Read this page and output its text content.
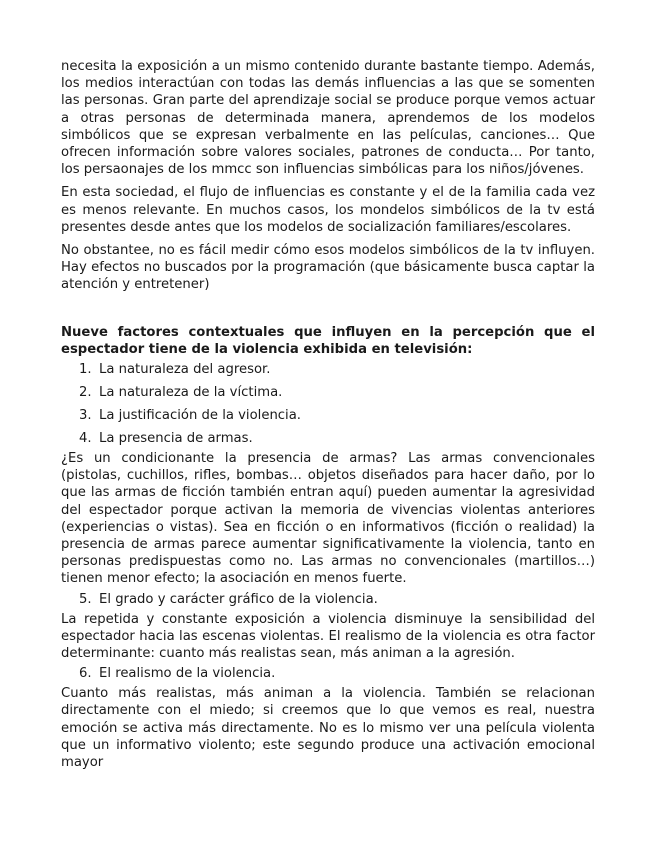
necesita la exposición a un mismo contenido durante bastante tiempo. Además, los medios interactúan con todas las demás influencias a las que se somenten las personas. Gran parte del aprendizaje social se produce porque vemos actuar a otras personas de determinada manera, aprendemos de los modelos simbólicos que se expresan verbalmente en las películas, canciones… Que ofrecen información sobre valores sociales, patrones de conducta… Por tanto, los persaonajes de los mmcc son influencias simbólicas para los niños/jóvenes.

En esta sociedad, el flujo de influencias es constante y el de la familia cada vez es menos relevante. En muchos casos, los mondelos simbólicos de la tv está presentes desde antes que los modelos de socialización familiares/escolares.

No obstantee, no es fácil medir cómo esos modelos simbólicos de la tv influyen. Hay efectos no buscados por la programación (que básicamente busca captar la atención y entretener)

Nueve factores contextuales que influyen en la percepción que el espectador tiene de la violencia exhibida en televisión:

1. La naturaleza del agresor.
2. La naturaleza de la víctima.
3. La justificación de la violencia.
4. La presencia de armas.

¿Es un condicionante la presencia de armas? Las armas convencionales (pistolas, cuchillos, rifles, bombas… objetos diseñados para hacer daño, por lo que las armas de ficción también entran aquí) pueden aumentar la agresividad del espectador porque activan la memoria de vivencias violentas anteriores (experiencias o vistas). Sea en ficción o en informativos (ficción o realidad) la presencia de armas parece aumentar significativamente la violencia, tanto en personas predispuestas como no. Las armas no convencionales (martillos…) tienen menor efecto; la asociación en menos fuerte.

5. El grado y carácter gráfico de la violencia.

La repetida y constante exposición a violencia disminuye la sensibilidad del espectador hacia las escenas violentas. El realismo de la violencia es otra factor determinante: cuanto más realistas sean, más animan a la agresión.

6. El realismo de la violencia.

Cuanto más realistas, más animan a la violencia. También se relacionan directamente con el miedo; si creemos que lo que vemos es real, nuestra emoción se activa más directamente. No es lo mismo ver una película violenta que un informativo violento; este segundo produce una activación emocional mayor
